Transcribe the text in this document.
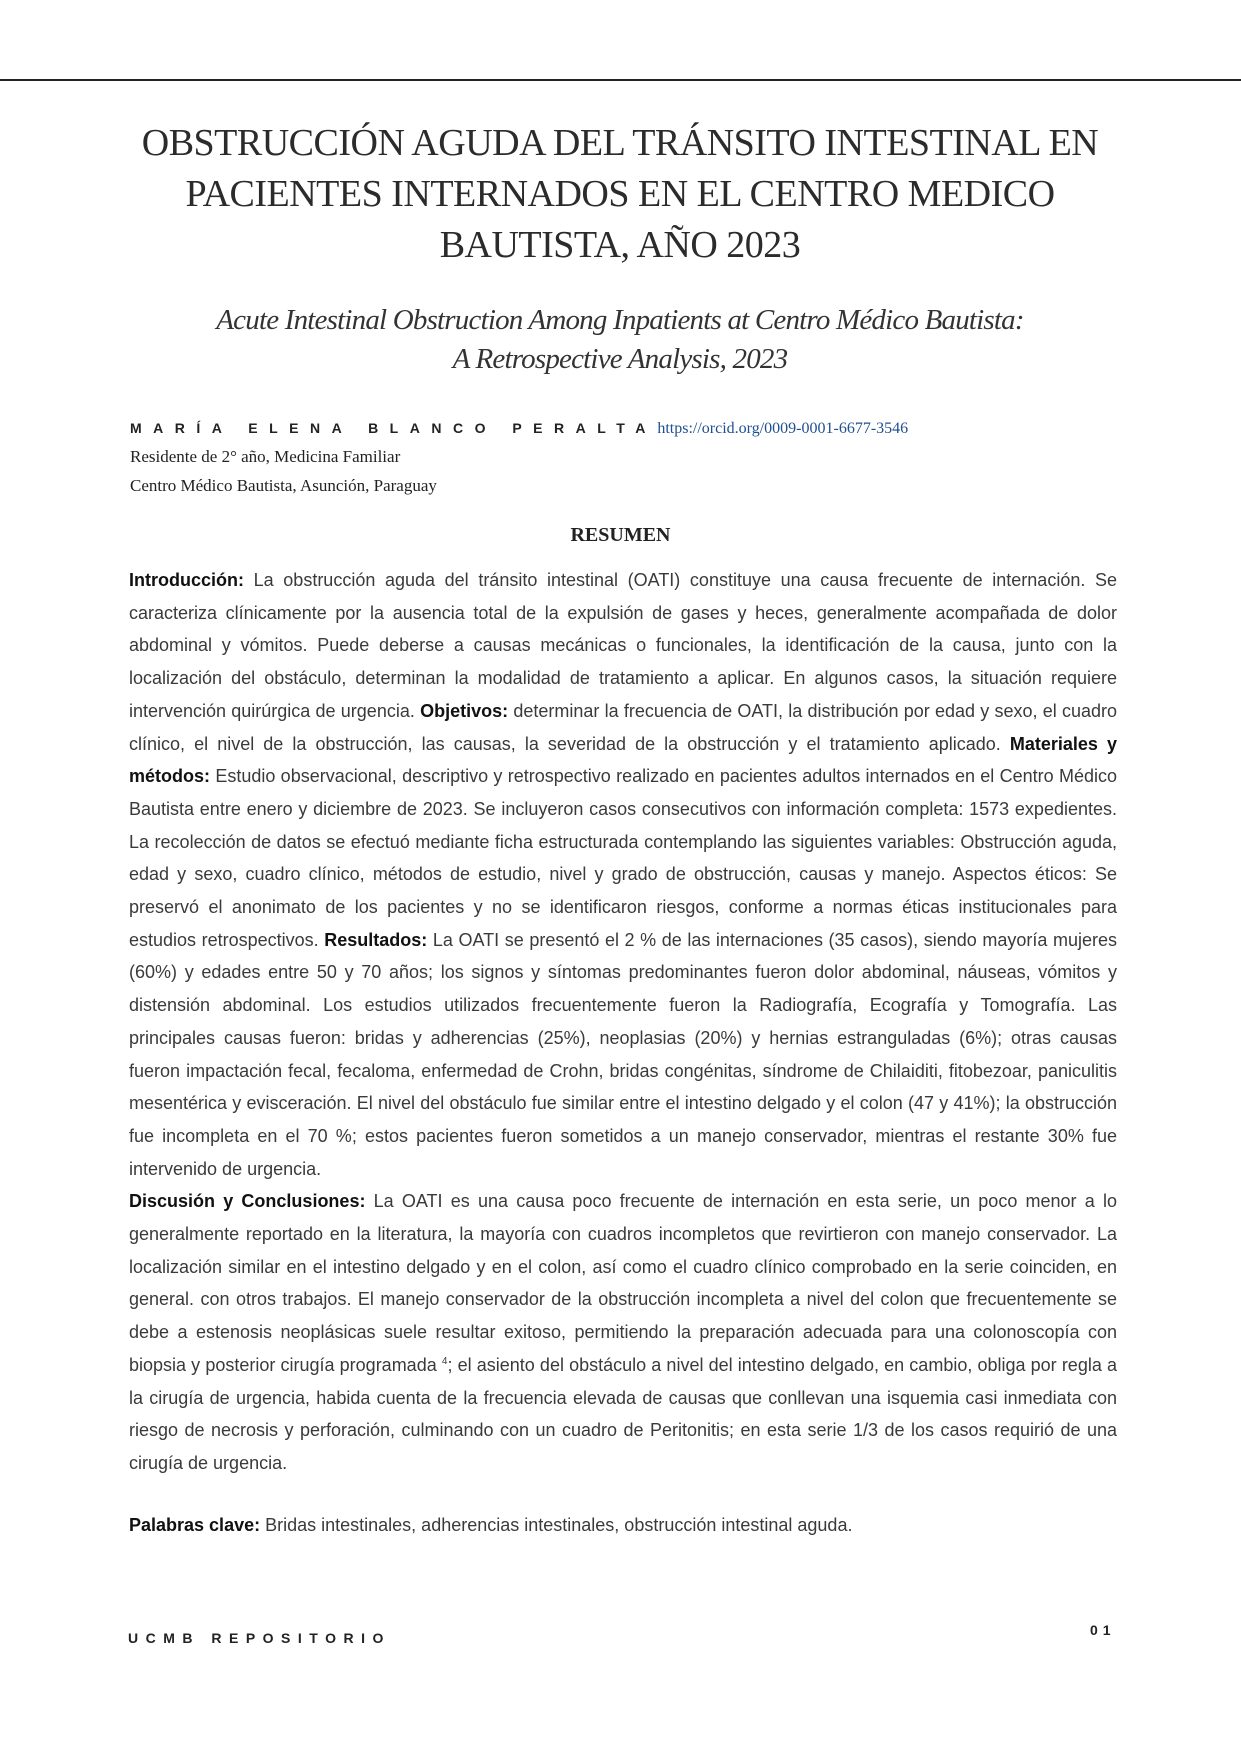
OBSTRUCCIÓN AGUDA DEL TRÁNSITO INTESTINAL EN PACIENTES INTERNADOS EN EL CENTRO MEDICO BAUTISTA, AÑO 2023
Acute Intestinal Obstruction Among Inpatients at Centro Médico Bautista:
A Retrospective Analysis, 2023
MARÍA ELENA BLANCO PERALTA https://orcid.org/0009-0001-6677-3546
Residente de 2° año, Medicina Familiar
Centro Médico Bautista, Asunción, Paraguay
RESUMEN

Introducción: La obstrucción aguda del tránsito intestinal (OATI) constituye una causa frecuente de internación. Se caracteriza clínicamente por la ausencia total de la expulsión de gases y heces, generalmente acompañada de dolor abdominal y vómitos. Puede deberse a causas mecánicas o funcionales, la identificación de la causa, junto con la localización del obstáculo, determinan la modalidad de tratamiento a aplicar. En algunos casos, la situación requiere intervención quirúrgica de urgencia. Objetivos: determinar la frecuencia de OATI, la distribución por edad y sexo, el cuadro clínico, el nivel de la obstrucción, las causas, la severidad de la obstrucción y el tratamiento aplicado. Materiales y métodos: Estudio observacional, descriptivo y retrospectivo realizado en pacientes adultos internados en el Centro Médico Bautista entre enero y diciembre de 2023. Se incluyeron casos consecutivos con información completa: 1573 expedientes. La recolección de datos se efectuó mediante ficha estructurada contemplando las siguientes variables: Obstrucción aguda, edad y sexo, cuadro clínico, métodos de estudio, nivel y grado de obstrucción, causas y manejo. Aspectos éticos: Se preservó el anonimato de los pacientes y no se identificaron riesgos, conforme a normas éticas institucionales para estudios retrospectivos. Resultados: La OATI se presentó el 2 % de las internaciones (35 casos), siendo mayoría mujeres (60%) y edades entre 50 y 70 años; los signos y síntomas predominantes fueron dolor abdominal, náuseas, vómitos y distensión abdominal. Los estudios utilizados frecuentemente fueron la Radiografía, Ecografía y Tomografía. Las principales causas fueron: bridas y adherencias (25%), neoplasias (20%) y hernias estranguladas (6%); otras causas fueron impactación fecal, fecaloma, enfermedad de Crohn, bridas congénitas, síndrome de Chilaiditi, fitobezoar, paniculitis mesentérica y evisceración. El nivel del obstáculo fue similar entre el intestino delgado y el colon (47 y 41%); la obstrucción fue incompleta en el 70 %; estos pacientes fueron sometidos a un manejo conservador, mientras el restante 30% fue intervenido de urgencia.
Discusión y Conclusiones: La OATI es una causa poco frecuente de internación en esta serie, un poco menor a lo generalmente reportado en la literatura, la mayoría con cuadros incompletos que revirtieron con manejo conservador. La localización similar en el intestino delgado y en el colon, así como el cuadro clínico comprobado en la serie coinciden, en general. con otros trabajos. El manejo conservador de la obstrucción incompleta a nivel del colon que frecuentemente se debe a estenosis neoplásicas suele resultar exitoso, permitiendo la preparación adecuada para una colonoscopía con biopsia y posterior cirugía programada $^4$; el asiento del obstáculo a nivel del intestino delgado, en cambio, obliga por regla a la cirugía de urgencia, habida cuenta de la frecuencia elevada de causas que conllevan una isquemia casi inmediata con riesgo de necrosis y perforación, culminando con un cuadro de Peritonitis; en esta serie 1/3 de los casos requirió de una cirugía de urgencia.

Palabras clave: Bridas intestinales, adherencias intestinales, obstrucción intestinal aguda.

UCMB REPOSITORIO	01
